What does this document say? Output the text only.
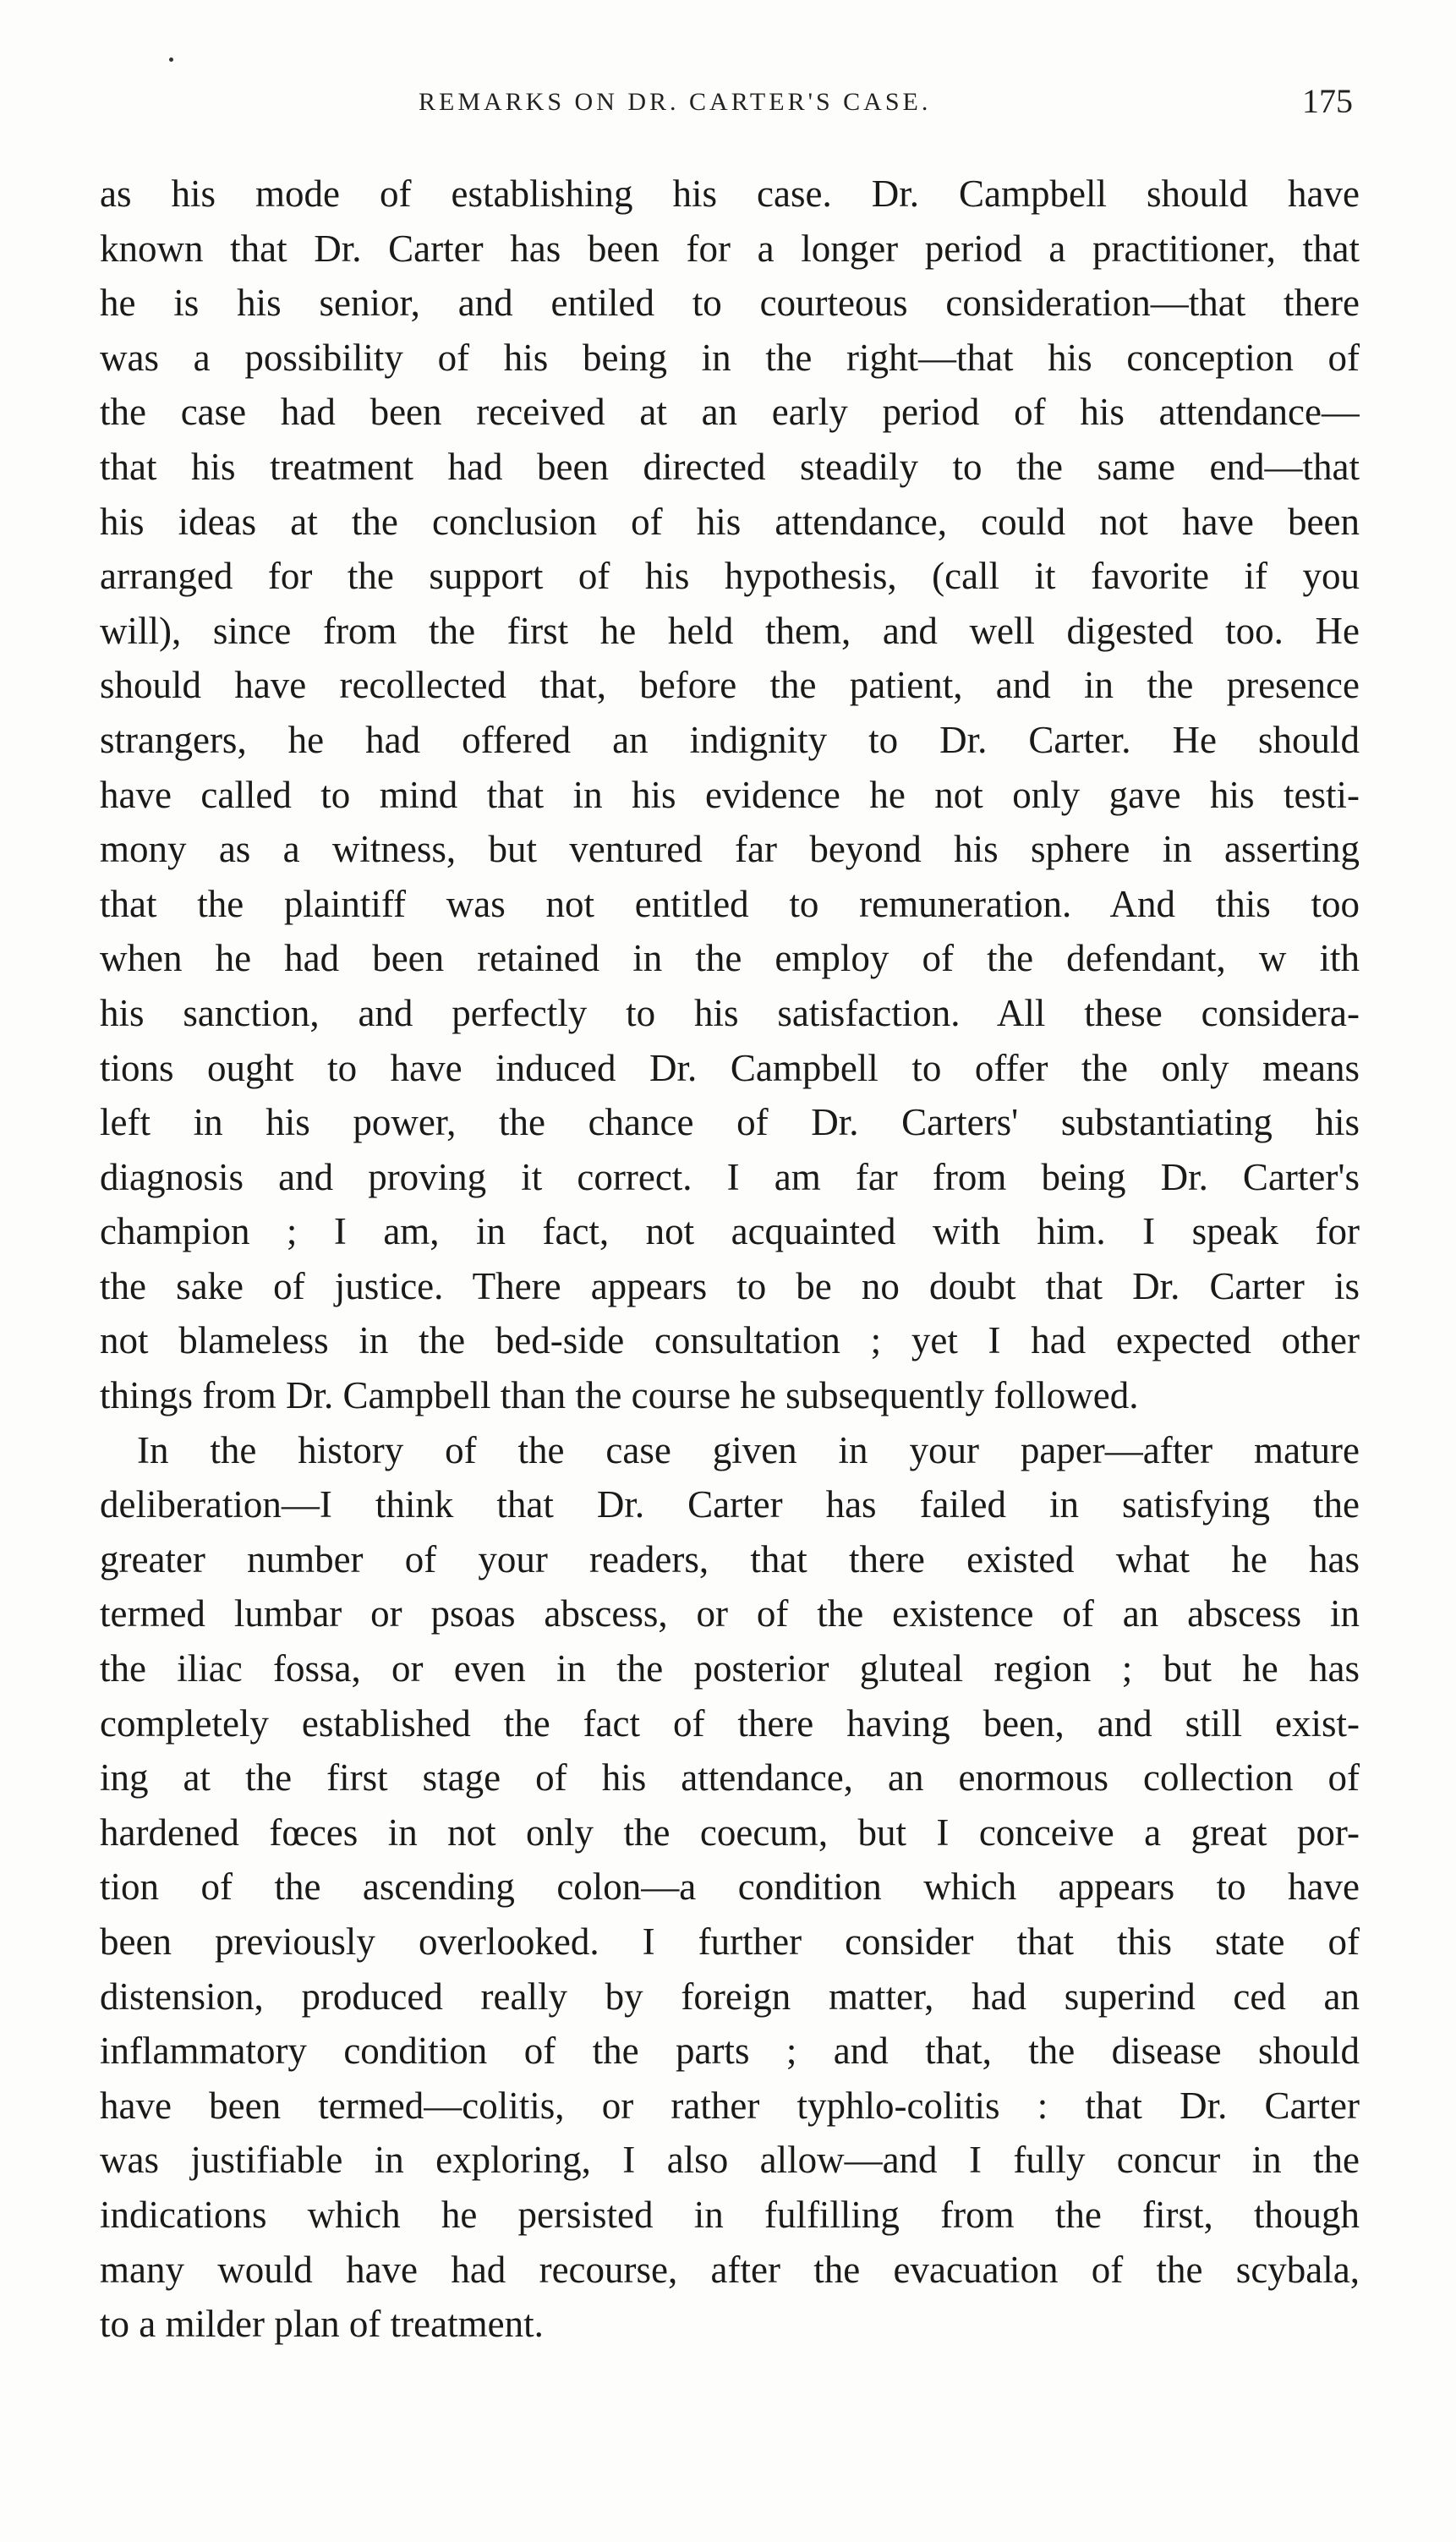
REMARKS ON DR. CARTER'S CASE.	175
as his mode of establishing his case. Dr. Campbell should have
known that Dr. Carter has been for a longer period a practitioner, that
he is his senior, and entiled to courteous consideration—that there
was a possibility of his being in the right—that his conception of
the case had been received at an early period of his attendance—
that his treatment had been directed steadily to the same end—that
his ideas at the conclusion of his attendance, could not have been
arranged for the support of his hypothesis, (call it favorite if you
will), since from the first he held them, and well digested too. He
should have recollected that, before the patient, and in the presence
strangers, he had offered an indignity to Dr. Carter. He should
have called to mind that in his evidence he not only gave his testi-
mony as a witness, but ventured far beyond his sphere in asserting
that the plaintiff was not entitled to remuneration. And this too
when he had been retained in the employ of the defendant, w ith
his sanction, and perfectly to his satisfaction. All these considera-
tions ought to have induced Dr. Campbell to offer the only means
left in his power, the chance of Dr. Carters' substantiating his
diagnosis and proving it correct. I am far from being Dr. Carter's
champion ; I am, in fact, not acquainted with him. I speak for
the sake of justice. There appears to be no doubt that Dr. Carter is
not blameless in the bed-side consultation ; yet I had expected other
things from Dr. Campbell than the course he subsequently followed.
In the history of the case given in your paper—after mature
deliberation—I think that Dr. Carter has failed in satisfying the
greater number of your readers, that there existed what he has
termed lumbar or psoas abscess, or of the existence of an abscess in
the iliac fossa, or even in the posterior gluteal region ; but he has
completely established the fact of there having been, and still exist-
ing at the first stage of his attendance, an enormous collection of
hardened fœces in not only the coecum, but I conceive a great por-
tion of the ascending colon—a condition which appears to have
been previously overlooked. I further consider that this state of
distension, produced really by foreign matter, had superind ced an
inflammatory condition of the parts ; and that, the disease should
have been termed—colitis, or rather typhlo-colitis : that Dr. Carter
was justifiable in exploring, I also allow—and I fully concur in the
indications which he persisted in fulfilling from the first, though
many would have had recourse, after the evacuation of the scybala,
to a milder plan of treatment.
